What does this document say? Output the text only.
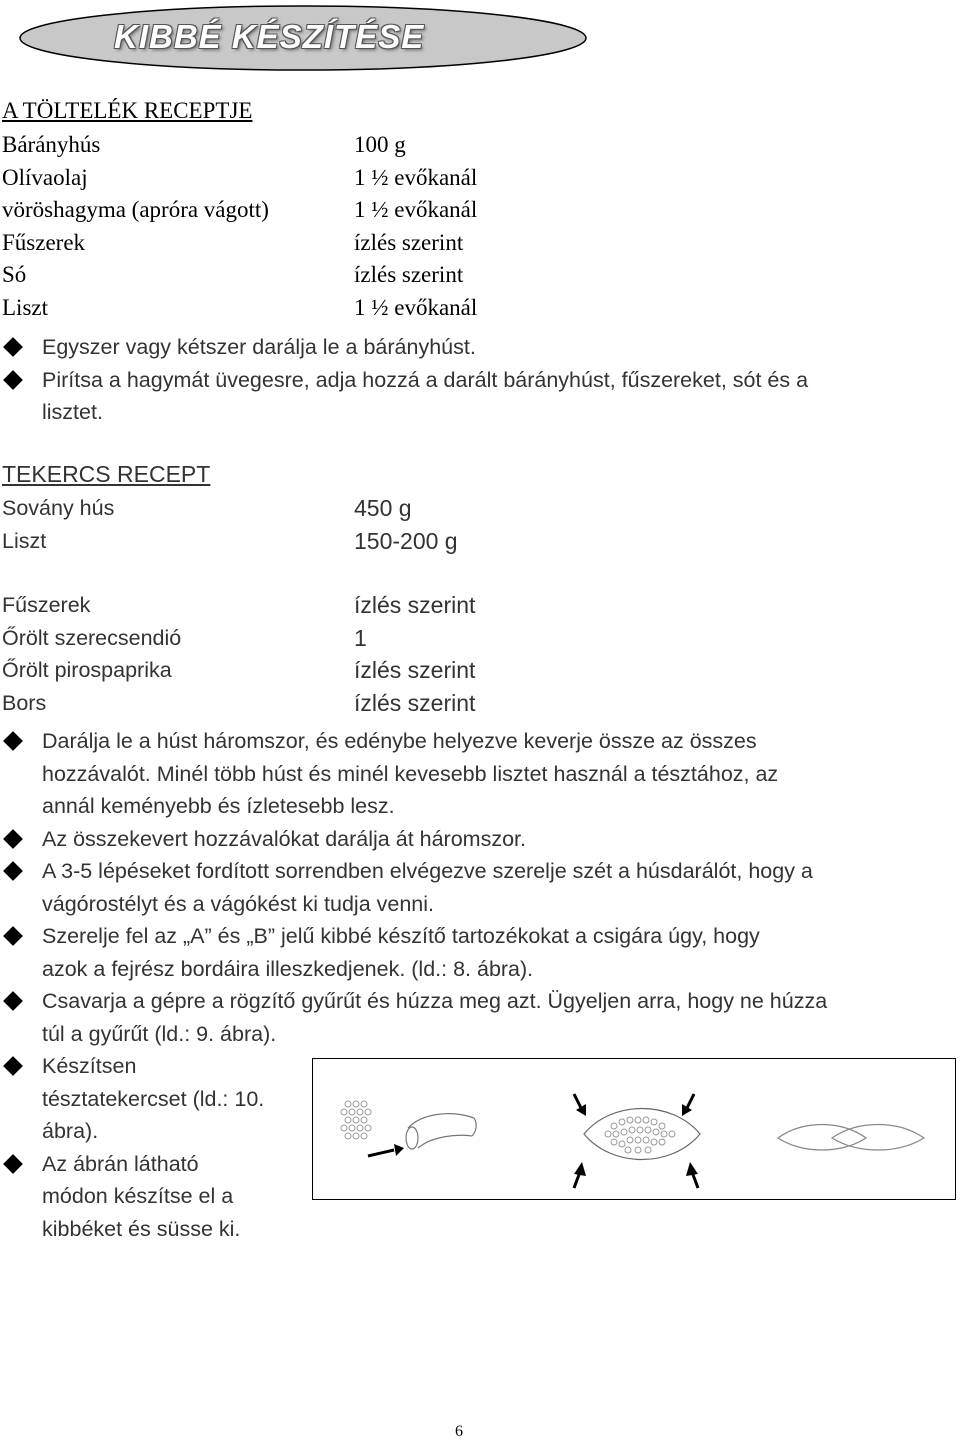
KIBBÉ KÉSZÍTÉSE
A TÖLTELÉK RECEPTJE
Bárányhús	100 g
Olívaolaj	1 ½ evőkanál
vöröshagyma (apróra vágott)	1 ½ evőkanál
Fűszerek	ízlés szerint
Só	ízlés szerint
Liszt	1 ½ evőkanál
Egyszer vagy kétszer darálja le a bárányhúst.
Pirítsa a hagymát üvegesre, adja hozzá a darált bárányhúst, fűszereket, sót és a
lisztet.
TEKERCS RECEPT
Sovány hús	450 g
Liszt	150-200 g
Fűszerek	ízlés szerint
Őrölt szerecsendió	1
Őrölt pirospaprika	ízlés szerint
Bors	ízlés szerint
Darálja le a húst háromszor, és edénybe helyezve keverje össze az összes
hozzávalót. Minél több húst és minél kevesebb lisztet használ a tésztához, az
annál keményebb és ízletesebb lesz.
Az összekevert hozzávalókat darálja át háromszor.
A 3-5 lépéseket fordított sorrendben elvégezve szerelje szét a húsdarálót, hogy a
vágórostélyt és a vágókést ki tudja venni.
Szerelje fel az „A” és „B” jelű kibbé készítő tartozékokat a csigára úgy, hogy
azok a fejrész bordáira illeszkedjenek. (ld.: 8. ábra).
Csavarja a gépre a rögzítő gyűrűt és húzza meg azt. Ügyeljen arra, hogy ne húzza
túl a gyűrűt (ld.: 9. ábra).
Készítsen
tésztatekercset (ld.: 10.
ábra).
Az ábrán látható
módon készítse el a
kibbéket és süsse ki.
6
